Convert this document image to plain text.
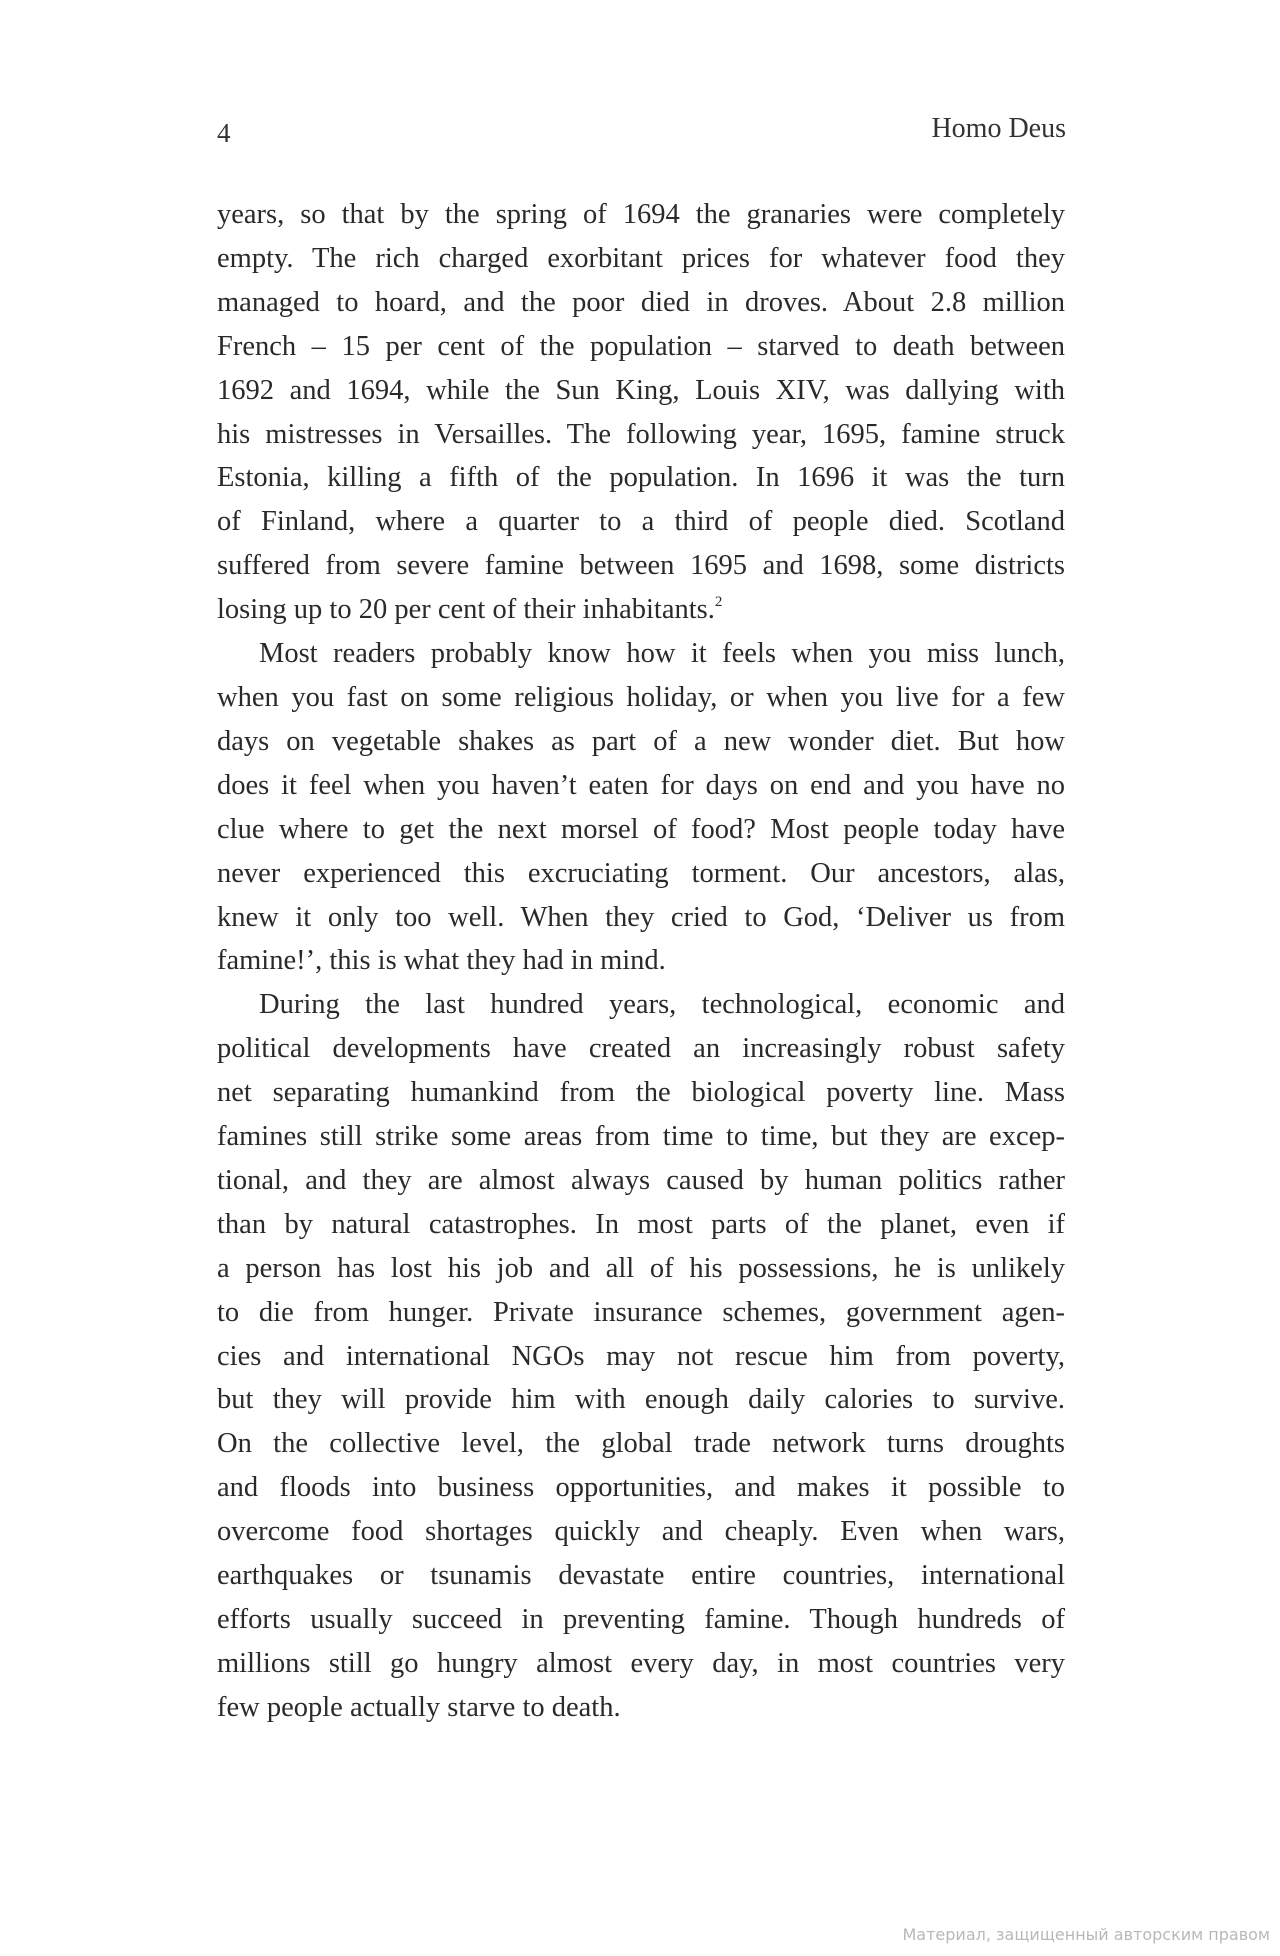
4	Homo Deus

years, so that by the spring of 1694 the granaries were completely
empty. The rich charged exorbitant prices for whatever food they
managed to hoard, and the poor died in droves. About 2.8 million
French – 15 per cent of the population – starved to death between
1692 and 1694, while the Sun King, Louis XIV, was dallying with
his mistresses in Versailles. The following year, 1695, famine struck
Estonia, killing a fifth of the population. In 1696 it was the turn
of Finland, where a quarter to a third of people died. Scotland
suffered from severe famine between 1695 and 1698, some districts
losing up to 20 per cent of their inhabitants.$^2$

Most readers probably know how it feels when you miss lunch,
when you fast on some religious holiday, or when you live for a few
days on vegetable shakes as part of a new wonder diet. But how
does it feel when you haven’t eaten for days on end and you have no
clue where to get the next morsel of food? Most people today have
never experienced this excruciating torment. Our ancestors, alas,
knew it only too well. When they cried to God, ‘Deliver us from
famine!’, this is what they had in mind.

During the last hundred years, technological, economic and
political developments have created an increasingly robust safety
net separating humankind from the biological poverty line. Mass
famines still strike some areas from time to time, but they are excep-
tional, and they are almost always caused by human politics rather
than by natural catastrophes. In most parts of the planet, even if
a person has lost his job and all of his possessions, he is unlikely
to die from hunger. Private insurance schemes, government agen-
cies and international NGOs may not rescue him from poverty,
but they will provide him with enough daily calories to survive.
On the collective level, the global trade network turns droughts
and floods into business opportunities, and makes it possible to
overcome food shortages quickly and cheaply. Even when wars,
earthquakes or tsunamis devastate entire countries, international
efforts usually succeed in preventing famine. Though hundreds of
millions still go hungry almost every day, in most countries very
few people actually starve to death.

Материал, защищенный авторским правом
